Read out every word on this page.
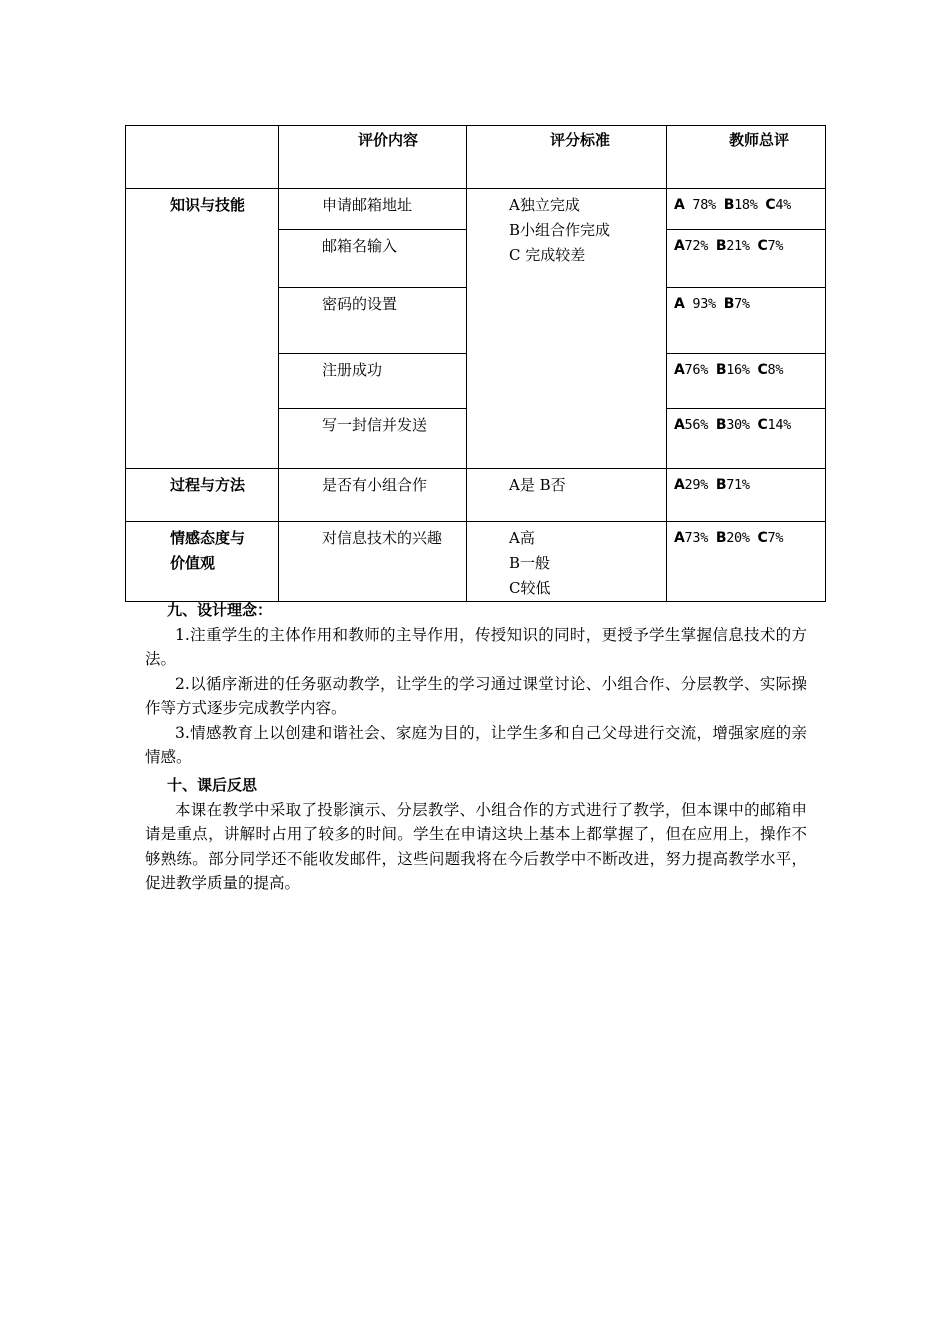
	评价内容	评分标准	教师总评
知识与技能	申请邮箱地址	A独立完成
B小组合作完成
C 完成较差	A 78% B18% C4%
	邮箱名输入		A72% B21% C7%
	密码的设置		A 93% B7%
	注册成功		A76% B16% C8%
	写一封信并发送		A56% B30% C14%
过程与方法	是否有小组合作	A是 B否	A29% B71%

情感态度与
价值观	对信息技术的兴趣	A高
B一般
C较低	A73% B20% C7%
九、设计理念：

1.注重学生的主体作用和教师的主导作用，传授知识的同时，更授予学生掌握信息技术的方法。

2.以循序渐进的任务驱动教学，让学生的学习通过课堂讨论、小组合作、分层教学、实际操作等方式逐步完成教学内容。

3.情感教育上以创建和谐社会、家庭为目的，让学生多和自己父母进行交流，增强家庭的亲情感。

十、课后反思

本课在教学中采取了投影演示、分层教学、小组合作的方式进行了教学，但本课中的邮箱申请是重点，讲解时占用了较多的时间。学生在申请这块上基本上都掌握了，但在应用上，操作不够熟练。部分同学还不能收发邮件，这些问题我将在今后教学中不断改进，努力提高教学水平，促进教学质量的提高。
